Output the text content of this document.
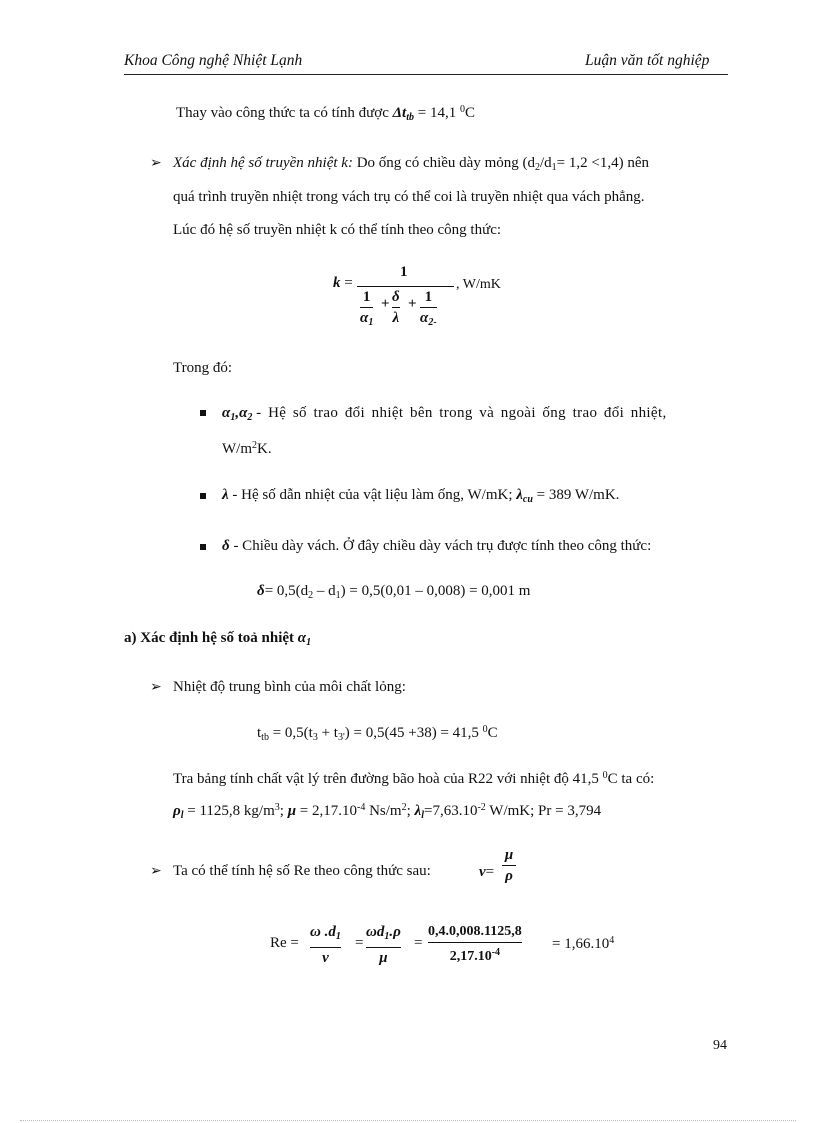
Khoa Công nghệ Nhiệt Lạnh	Luận văn tốt nghiệp
Thay vào công thức ta có tính được $\Delta t_{tb} = 14,1$ $^0$C
➢ Xác định hệ số truyền nhiệt k: Do ống có chiều dày mỏng $(d_2/d_1= 1,2 <1,4)$ nên
quá trình truyền nhiệt trong vách trụ có thể coi là truyền nhiệt qua vách phẳng.
Lúc đó hệ số truyền nhiệt k có thể tính theo công thức:
k =
1
1
$\alpha_1$
+ δ
λ
+ 1
$\alpha_{2-}$
, W/mK
Trong đó:
$\alpha_1,\alpha_2$ - Hệ số trao đổi nhiệt bên trong và ngoài ống trao đổi nhiệt,
$W/m^2K$.
λ - Hệ số dẫn nhiệt của vật liệu làm ống, W/mK; $\lambda_{cu} = 389$ W/mK.
δ - Chiều dày vách. Ở đây chiều dày vách trụ được tính theo công thức:
$\delta= 0,5(d_2 - d_1) = 0,5(0,01 - 0,008) = 0,001$ m
a) Xác định hệ số toả nhiệt $\alpha_1$
➢ Nhiệt độ trung bình của môi chất lỏng:
$t_{tb} = 0,5(t_3 + t_{3'}) = 0,5(45 +38) = 41,5$ $^0$C
Tra bảng tính chất vật lý trên đường bão hoà của R22 với nhiệt độ 41,5 $^0$C ta có:
$\rho_l = 1125,8$ $kg/m^3$; $\mu = 2,17.10^{-4}$ $Ns/m^2$; $\lambda_l=7,63.10^{-2}$ W/mK; Pr = 3,794
➢ Ta có thể tính hệ số Re theo công thức sau:	ν=
μ
ρ
Re =
ω $.d_1$
ν
=
$\omega d_1.\rho$
μ
=
0,4.0,008.1125,8
$2,17.10^{-4}$
= $1,66.10^4$
94
